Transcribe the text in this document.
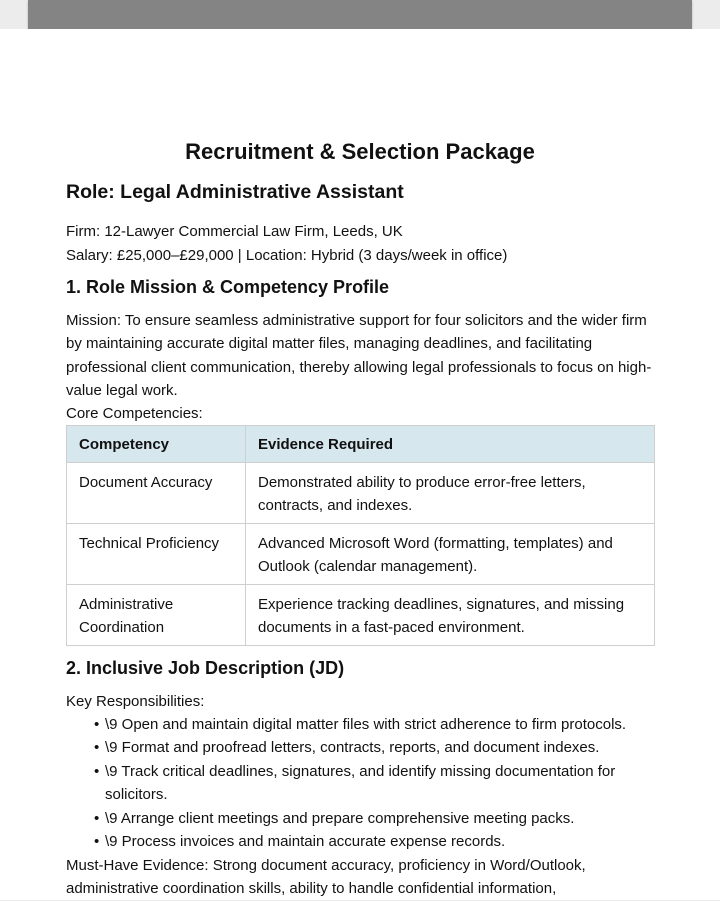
Recruitment & Selection Package
Role: Legal Administrative Assistant
Firm: 12-Lawyer Commercial Law Firm, Leeds, UK
Salary: £25,000–£29,000 | Location: Hybrid (3 days/week in office)
1. Role Mission & Competency Profile
Mission: To ensure seamless administrative support for four solicitors and the wider firm by maintaining accurate digital matter files, managing deadlines, and facilitating professional client communication, thereby allowing legal professionals to focus on high-value legal work.
Core Competencies:
Competency	Evidence Required
Document Accuracy	Demonstrated ability to produce error-free letters, contracts, and indexes.
Technical Proficiency	Advanced Microsoft Word (formatting, templates) and Outlook (calendar management).
Administrative Coordination	Experience tracking deadlines, signatures, and missing documents in a fast-paced environment.
2. Inclusive Job Description (JD)
Key Responsibilities:
• \9 Open and maintain digital matter files with strict adherence to firm protocols.
• \9 Format and proofread letters, contracts, reports, and document indexes.
• \9 Track critical deadlines, signatures, and identify missing documentation for solicitors.
• \9 Arrange client meetings and prepare comprehensive meeting packs.
• \9 Process invoices and maintain accurate expense records.
Must-Have Evidence: Strong document accuracy, proficiency in Word/Outlook, administrative coordination skills, ability to handle confidential information,
